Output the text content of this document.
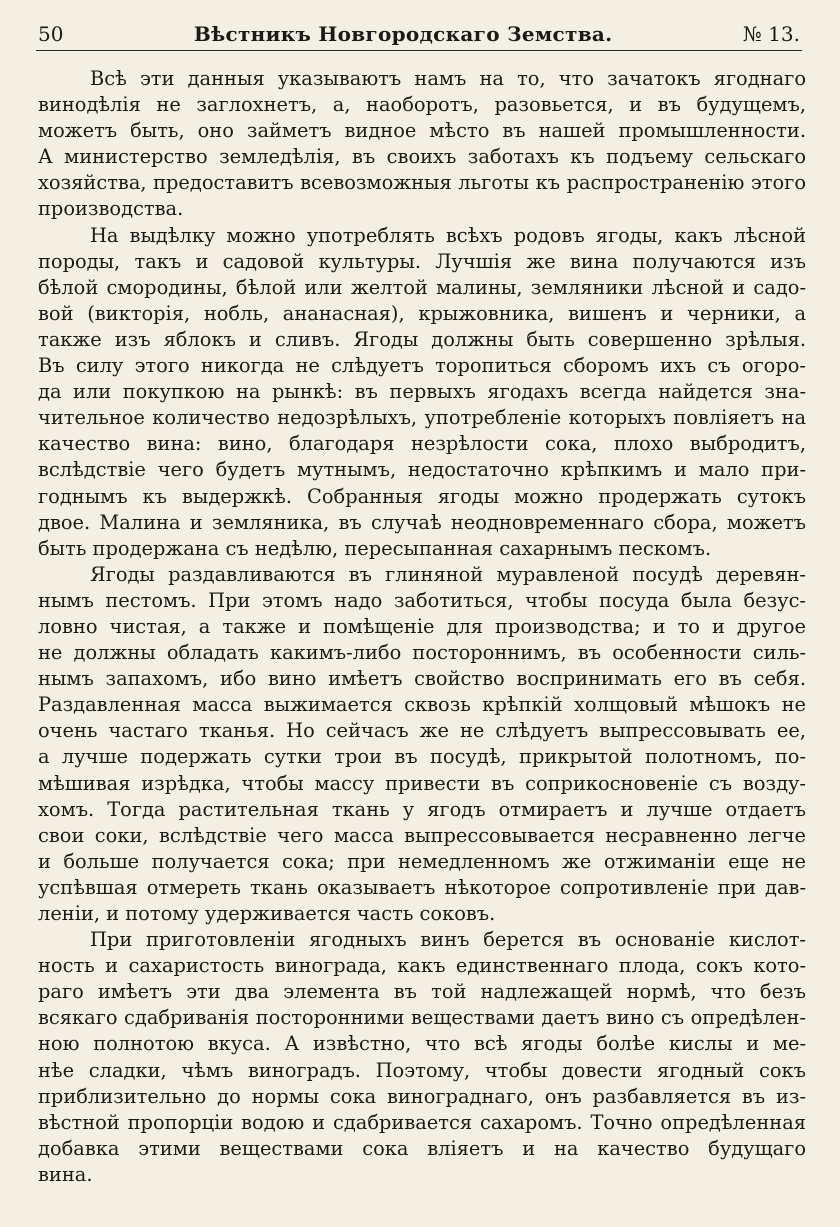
50	Вѣстникъ Новгородскаго Земства.	№ 13.

Всѣ эти данныя указываютъ намъ на то, что зачатокъ ягоднаго
винодѣлія не заглохнетъ, а, наоборотъ, разовьется, и въ будущемъ,
можетъ быть, оно займетъ видное мѣсто въ нашей промышленности.
А министерство земледѣлія, въ своихъ заботахъ къ подъему сельскаго
хозяйства, предоставитъ всевозможныя льготы къ распространенію этого
производства.

На выдѣлку можно употреблять всѣхъ родовъ ягоды, какъ лѣсной
породы, такъ и садовой культуры. Лучшія же вина получаются изъ
бѣлой смородины, бѣлой или желтой малины, земляники лѣсной и садо-
вой (викторія, нобль, ананасная), крыжовника, вишенъ и черники, а
также изъ яблокъ и сливъ. Ягоды должны быть совершенно зрѣлыя.
Въ силу этого никогда не слѣдуетъ торопиться сборомъ ихъ съ огоро-
да или покупкою на рынкѣ: въ первыхъ ягодахъ всегда найдется зна-
чительное количество недозрѣлыхъ, употребленіе которыхъ повліяетъ на
качество вина: вино, благодаря незрѣлости сока, плохо выбродитъ,
вслѣдствіе чего будетъ мутнымъ, недостаточно крѣпкимъ и мало при-
годнымъ къ выдержкѣ. Собранныя ягоды можно продержать сутокъ
двое. Малина и земляника, въ случаѣ неодновременнаго сбора, можетъ
быть продержана съ недѣлю, пересыпанная сахарнымъ пескомъ.

Ягоды раздавливаются въ глиняной муравленой посудѣ деревян-
нымъ пестомъ. При этомъ надо заботиться, чтобы посуда была безус-
ловно чистая, а также и помѣщеніе для производства; и то и другое
не должны обладать какимъ-либо постороннимъ, въ особенности силь-
нымъ запахомъ, ибо вино имѣетъ свойство воспринимать его въ себя.
Раздавленная масса выжимается сквозь крѣпкій холщовый мѣшокъ не
очень частаго тканья. Но сейчасъ же не слѣдуетъ выпрессовывать ее,
а лучше подержать сутки трои въ посудѣ, прикрытой полотномъ, по-
мѣшивая изрѣдка, чтобы массу привести въ соприкосновеніе съ возду-
хомъ. Тогда растительная ткань у ягодъ отмираетъ и лучше отдаетъ
свои соки, вслѣдствіе чего масса выпрессовывается несравненно легче
и больше получается сока; при немедленномъ же отжиманіи еще не
успѣвшая отмереть ткань оказываетъ нѣкоторое сопротивленіе при дав-
леніи, и потому удерживается часть соковъ.

При приготовленіи ягодныхъ винъ берется въ основаніе кислот-
ность и сахаристость винограда, какъ единственнаго плода, сокъ кото-
раго имѣетъ эти два элемента въ той надлежащей нормѣ, что безъ
всякаго сдабриванія посторонними веществами даетъ вино съ опредѣлен-
ною полнотою вкуса. А извѣстно, что всѣ ягоды болѣе кислы и ме-
нѣе сладки, чѣмъ виноградъ. Поэтому, чтобы довести ягодный сокъ
приблизительно до нормы сока винограднаго, онъ разбавляется въ из-
вѣстной пропорціи водою и сдабривается сахаромъ. Точно опредѣленная
добавка этими веществами сока вліяетъ и на качество будущаго
вина.
